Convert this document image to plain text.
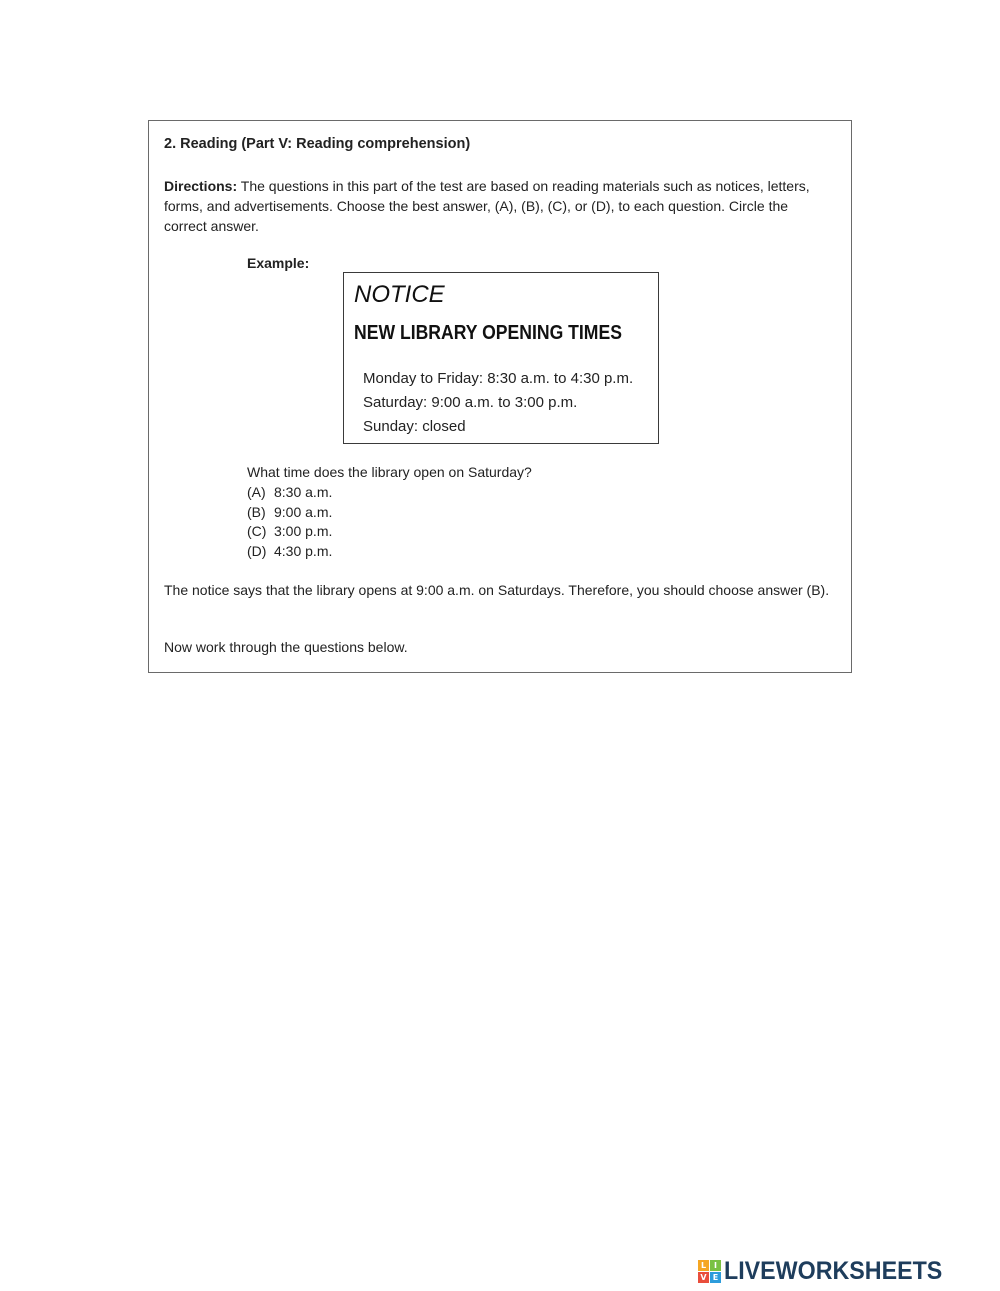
2. Reading (Part V: Reading comprehension)

Directions: The questions in this part of the test are based on reading materials such as notices, letters, forms, and advertisements. Choose the best answer, (A), (B), (C), or (D), to each question. Circle the correct answer.

Example:
NOTICE
NEW LIBRARY OPENING TIMES
Monday to Friday: 8:30 a.m. to 4:30 p.m.
Saturday: 9:00 a.m. to 3:00 p.m.
Sunday: closed
What time does the library open on Saturday?
(A) 8:30 a.m.
(B) 9:00 a.m.
(C) 3:00 p.m.
(D) 4:30 p.m.

The notice says that the library opens at 9:00 a.m. on Saturdays. Therefore, you should choose answer (B).

Now work through the questions below.

L I
V E LIVEWORKSHEETS
